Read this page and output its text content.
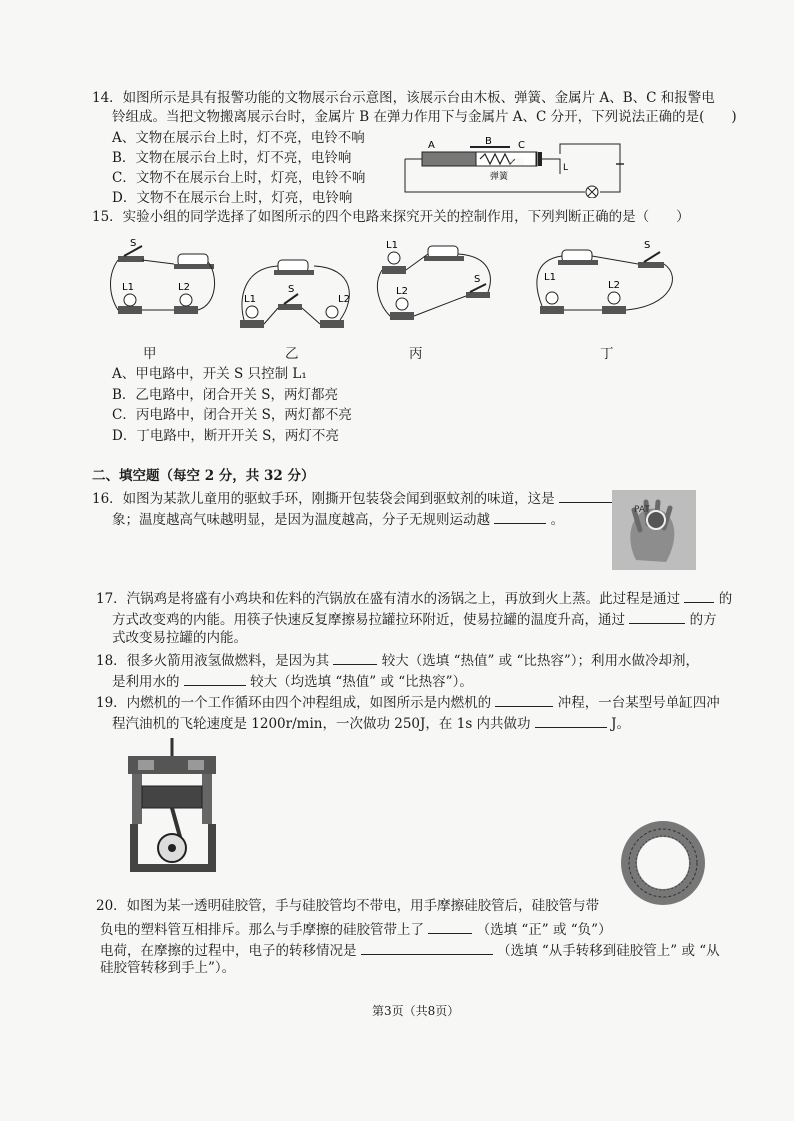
14．如图所示是具有报警功能的文物展示台示意图，该展示台由木板、弹簧、金属片 A、B、C 和报警电
铃组成。当把文物搬离展示台时，金属片 B 在弹力作用下与金属片 A、C 分开，下列说法正确的是(　　)
A、文物在展示台上时，灯不亮，电铃不响
B．文物在展示台上时，灯不亮，电铃响
C．文物不在展示台上时，灯亮，电铃不响
D．文物不在展示台上时，灯亮，电铃响
A	B	C
弹簧
木板
L
15．实验小组的同学选择了如图所示的四个电路来探究开关的控制作用，下列判断正确的是（　　）
S
L1	L2
甲
L1
S
L2
乙
L1
L2
S
丙
S
L1
L2
丁
A、甲电路中，开关 S 只控制 L₁
B．乙电路中，闭合开关 S，两灯都亮
C．丙电路中，闭合开关 S，两灯都不亮
D．丁电路中，断开开关 S，两灯不亮
二、填空题（每空 2 分，共 32 分）
16．如图为某款儿童用的驱蚊手环，刚撕开包装袋会闻到驱蚊剂的味道，这是
象；温度越高气味越明显，是因为温度越高，分子无规则运动越	。
PAT
17．汽锅鸡是将盛有小鸡块和佐料的汽锅放在盛有清水的汤锅之上，再放到火上蒸。此过程是通过	的
方式改变鸡的内能。用筷子快速反复摩擦易拉罐拉环附近，使易拉罐的温度升高，通过	的方
式改变易拉罐的内能。
18．很多火箭用液氢做燃料，是因为其	较大（选填 “热值” 或 “比热容”）；利用水做冷却剂，
是利用水的	较大（均选填 “热值” 或 “比热容”）。
19．内燃机的一个工作循环由四个冲程组成，如图所示是内燃机的	冲程，一台某型号单缸四冲
程汽油机的飞轮速度是 1200r/min，一次做功 250J，在 1s 内共做功	J。
20．如图为某一透明硅胶管，手与硅胶管均不带电，用手摩擦硅胶管后，硅胶管与带
负电的塑料管互相排斥。那么与手摩擦的硅胶管带上了	（选填 “正” 或 “负”）
电荷，在摩擦的过程中，电子的转移情况是	（选填 “从手转移到硅胶管上” 或 “从
硅胶管转移到手上”）。
第3页（共8页）
